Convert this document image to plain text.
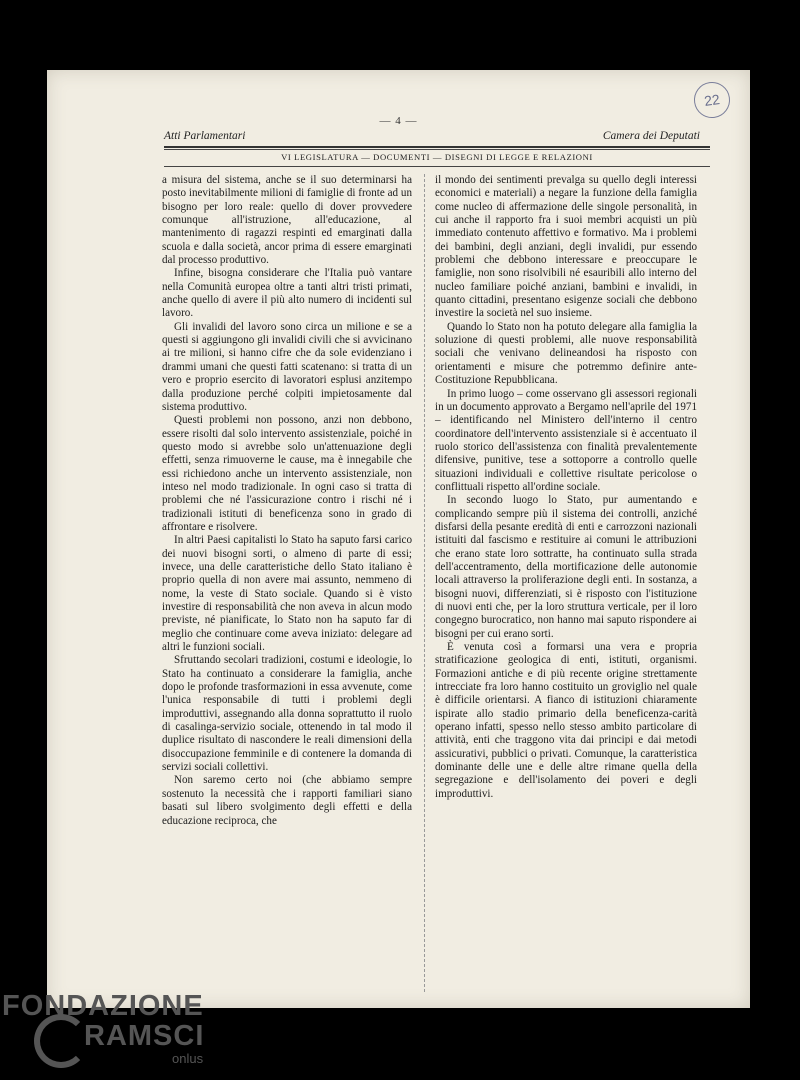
— 4 —
22
Atti Parlamentari	Camera dei Deputati
VI LEGISLATURA — DOCUMENTI — DISEGNI DI LEGGE E RELAZIONI

a misura del sistema, anche se il suo determinarsi ha posto inevitabilmente milioni di famiglie di fronte ad un bisogno per loro reale: quello di dover provvedere comunque all'istruzione, all'educazione, al mantenimento di ragazzi respinti ed emarginati dalla scuola e dalla società, ancor prima di essere emarginati dal processo produttivo.

Infine, bisogna considerare che l'Italia può vantare nella Comunità europea oltre a tanti altri tristi primati, anche quello di avere il più alto numero di incidenti sul lavoro.

Gli invalidi del lavoro sono circa un milione e se a questi si aggiungono gli invalidi civili che si avvicinano ai tre milioni, si hanno cifre che da sole evidenziano i drammi umani che questi fatti scatenano: si tratta di un vero e proprio esercito di lavoratori esplusi anzitempo dalla produzione perché colpiti impietosamente dal sistema produttivo.

Questi problemi non possono, anzi non debbono, essere risolti dal solo intervento assistenziale, poiché in questo modo si avrebbe solo un'attenuazione degli effetti, senza rimuoverne le cause, ma è innegabile che essi richiedono anche un intervento assistenziale, non inteso nel modo tradizionale. In ogni caso si tratta di problemi che né l'assicurazione contro i rischi né i tradizionali istituti di beneficenza sono in grado di affrontare e risolvere.

In altri Paesi capitalisti lo Stato ha saputo farsi carico dei nuovi bisogni sorti, o almeno di parte di essi; invece, una delle caratteristiche dello Stato italiano è proprio quella di non avere mai assunto, nemmeno di nome, la veste di Stato sociale. Quando si è visto investire di responsabilità che non aveva in alcun modo previste, né pianificate, lo Stato non ha saputo far di meglio che continuare come aveva iniziato: delegare ad altri le funzioni sociali.

Sfruttando secolari tradizioni, costumi e ideologie, lo Stato ha continuato a considerare la famiglia, anche dopo le profonde trasformazioni in essa avvenute, come l'unica responsabile di tutti i problemi degli improduttivi, assegnando alla donna soprattutto il ruolo di casalinga-servizio sociale, ottenendo in tal modo il duplice risultato di nascondere le reali dimensioni della disoccupazione femminile e di contenere la domanda di servizi sociali collettivi.

Non saremo certo noi (che abbiamo sempre sostenuto la necessità che i rapporti familiari siano basati sul libero svolgimento degli effetti e della educazione reciproca, che

il mondo dei sentimenti prevalga su quello degli interessi economici e materiali) a negare la funzione della famiglia come nucleo di affermazione delle singole personalità, in cui anche il rapporto fra i suoi membri acquisti un più immediato contenuto affettivo e formativo. Ma i problemi dei bambini, degli anziani, degli invalidi, pur essendo problemi che debbono interessare e preoccupare le famiglie, non sono risolvibili né esauribili allo interno del nucleo familiare poiché anziani, bambini e invalidi, in quanto cittadini, presentano esigenze sociali che debbono investire la società nel suo insieme.

Quando lo Stato non ha potuto delegare alla famiglia la soluzione di questi problemi, alle nuove responsabilità sociali che venivano delineandosi ha risposto con orientamenti e misure che potremmo definire ante-Costituzione Repubblicana.

In primo luogo – come osservano gli assessori regionali in un documento approvato a Bergamo nell'aprile del 1971 – identificando nel Ministero dell'interno il centro coordinatore dell'intervento assistenziale si è accentuato il ruolo storico dell'assistenza con finalità prevalentemente difensive, punitive, tese a sottoporre a controllo quelle situazioni individuali e collettive risultate pericolose o conflittuali rispetto all'ordine sociale.

In secondo luogo lo Stato, pur aumentando e complicando sempre più il sistema dei controlli, anziché disfarsi della pesante eredità di enti e carrozzoni nazionali istituiti dal fascismo e restituire ai comuni le attribuzioni che erano state loro sottratte, ha continuato sulla strada dell'accentramento, della mortificazione delle autonomie locali attraverso la proliferazione degli enti. In sostanza, a bisogni nuovi, differenziati, si è risposto con l'istituzione di nuovi enti che, per la loro struttura verticale, per il loro congegno burocratico, non hanno mai saputo rispondere ai bisogni per cui erano sorti.

È venuta così a formarsi una vera e propria stratificazione geologica di enti, istituti, organismi. Formazioni antiche e di più recente origine strettamente intrecciate fra loro hanno costituito un groviglio nel quale è difficile orientarsi. A fianco di istituzioni chiaramente ispirate allo stadio primario della beneficenza-carità operano infatti, spesso nello stesso ambito particolare di attività, enti che traggono vita dai principi e dai metodi assicurativi, pubblici o privati. Comunque, la caratteristica dominante delle une e delle altre rimane quella della segregazione e dell'isolamento dei poveri e degli improduttivi.

FONDAZIONE
RAMSCI
onlus
